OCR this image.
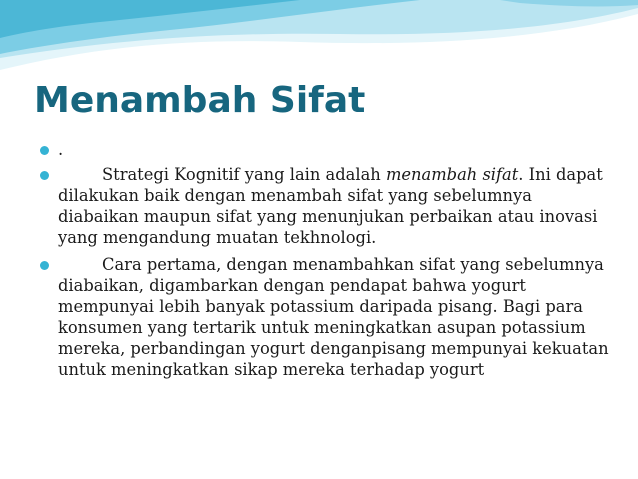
Menambah Sifat
.
Strategi Kognitif yang lain adalah menambah sifat. Ini dapat dilakukan baik dengan menambah sifat yang sebelumnya diabaikan maupun sifat yang menunjukan perbaikan atau inovasi yang mengandung muatan tekhnologi.
Cara pertama, dengan menambahkan sifat yang sebelumnya diabaikan, digambarkan dengan pendapat bahwa yogurt mempunyai lebih banyak potassium daripada pisang. Bagi para konsumen yang tertarik untuk meningkatkan asupan potassium mereka, perbandingan yogurt denganpisang mempunyai kekuatan untuk meningkatkan sikap mereka terhadap yogurt
